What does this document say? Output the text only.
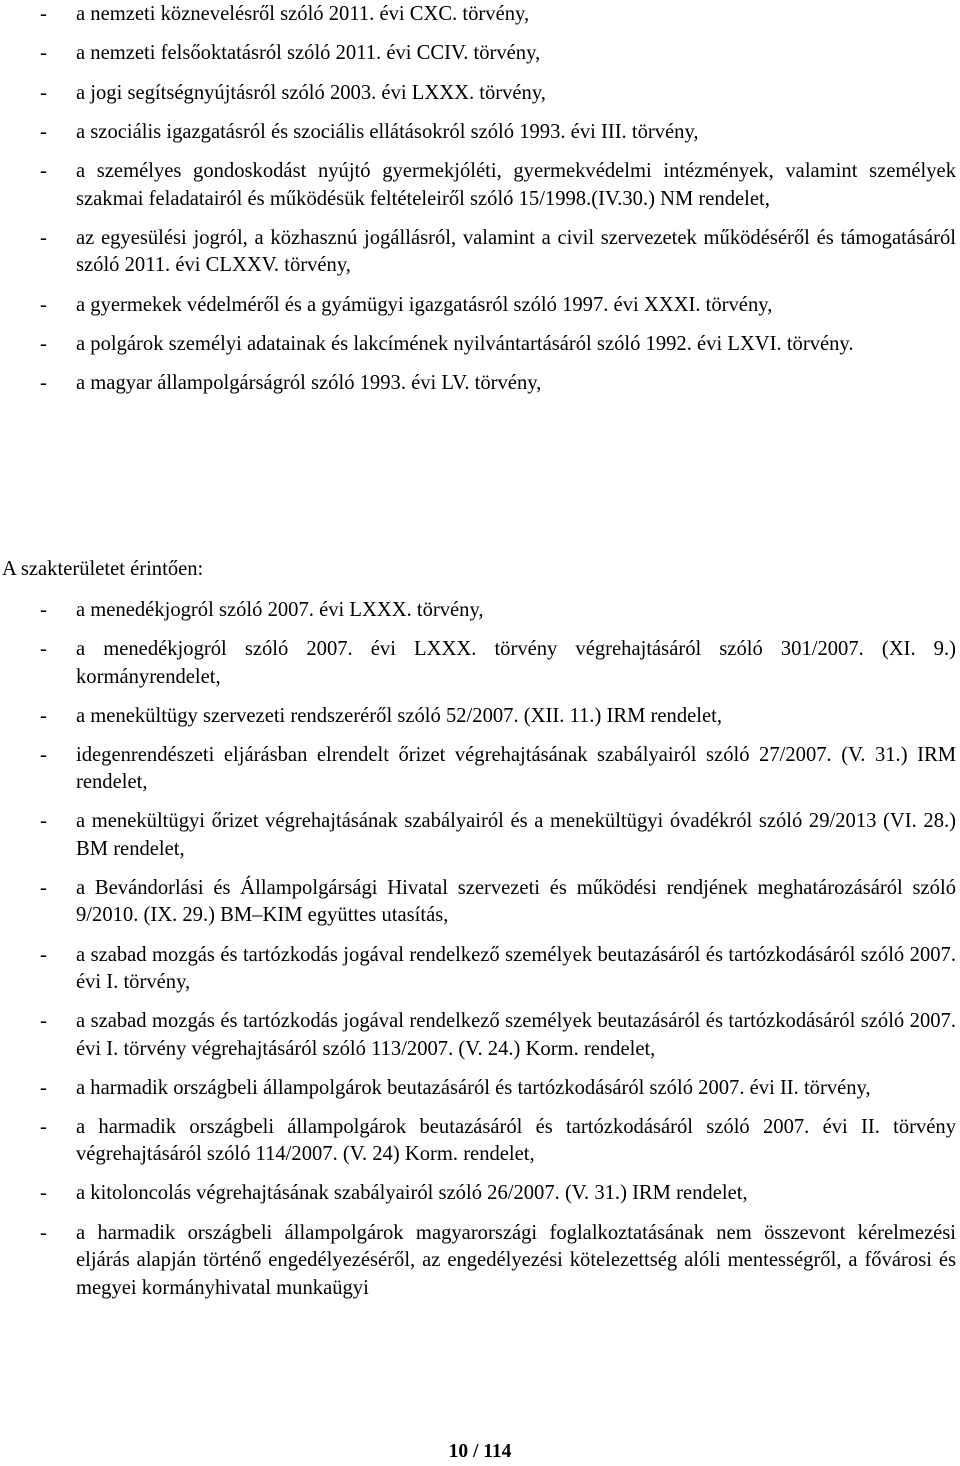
- a nemzeti köznevelésről szóló 2011. évi CXC. törvény,
- a nemzeti felsőoktatásról szóló 2011. évi CCIV. törvény,
- a jogi segítségnyújtásról szóló 2003. évi LXXX. törvény,
- a szociális igazgatásról és szociális ellátásokról szóló 1993. évi III. törvény,
- a személyes gondoskodást nyújtó gyermekjóléti, gyermekvédelmi intézmények, valamint személyek szakmai feladatairól és működésük feltételeiről szóló 15/1998.(IV.30.) NM rendelet,
- az egyesülési jogról, a közhasznú jogállásról, valamint a civil szervezetek működéséről és támogatásáról szóló 2011. évi CLXXV. törvény,
- a gyermekek védelméről és a gyámügyi igazgatásról szóló 1997. évi XXXI. törvény,
- a polgárok személyi adatainak és lakcímének nyilvántartásáról szóló 1992. évi LXVI. törvény.
- a magyar állampolgárságról szóló 1993. évi LV. törvény,
A szakterületet érintően:
- a menedékjogról szóló 2007. évi LXXX. törvény,
- a menedékjogról szóló 2007. évi LXXX. törvény végrehajtásáról szóló 301/2007. (XI. 9.) kormányrendelet,
- a menekültügy szervezeti rendszeréről szóló 52/2007. (XII. 11.) IRM rendelet,
- idegenrendészeti eljárásban elrendelt őrizet végrehajtásának szabályairól szóló 27/2007. (V. 31.) IRM rendelet,
- a menekültügyi őrizet végrehajtásának szabályairól és a menekültügyi óvadékról szóló 29/2013 (VI. 28.) BM rendelet,
- a Bevándorlási és Állampolgársági Hivatal szervezeti és működési rendjének meghatározásáról szóló 9/2010. (IX. 29.) BM–KIM együttes utasítás,
- a szabad mozgás és tartózkodás jogával rendelkező személyek beutazásáról és tartózkodásáról szóló 2007. évi I. törvény,
- a szabad mozgás és tartózkodás jogával rendelkező személyek beutazásáról és tartózkodásáról szóló 2007. évi I. törvény végrehajtásáról szóló 113/2007. (V. 24.) Korm. rendelet,
- a harmadik országbeli állampolgárok beutazásáról és tartózkodásáról szóló 2007. évi II. törvény,
- a harmadik országbeli állampolgárok beutazásáról és tartózkodásáról szóló 2007. évi II. törvény végrehajtásáról szóló 114/2007. (V. 24) Korm. rendelet,
- a kitoloncolás végrehajtásának szabályairól szóló 26/2007. (V. 31.) IRM rendelet,
- a harmadik országbeli állampolgárok magyarországi foglalkoztatásának nem összevont kérelmezési eljárás alapján történő engedélyezéséről, az engedélyezési kötelezettség alóli mentességről, a fővárosi és megyei kormányhivatal munkaügyi
10 / 114
